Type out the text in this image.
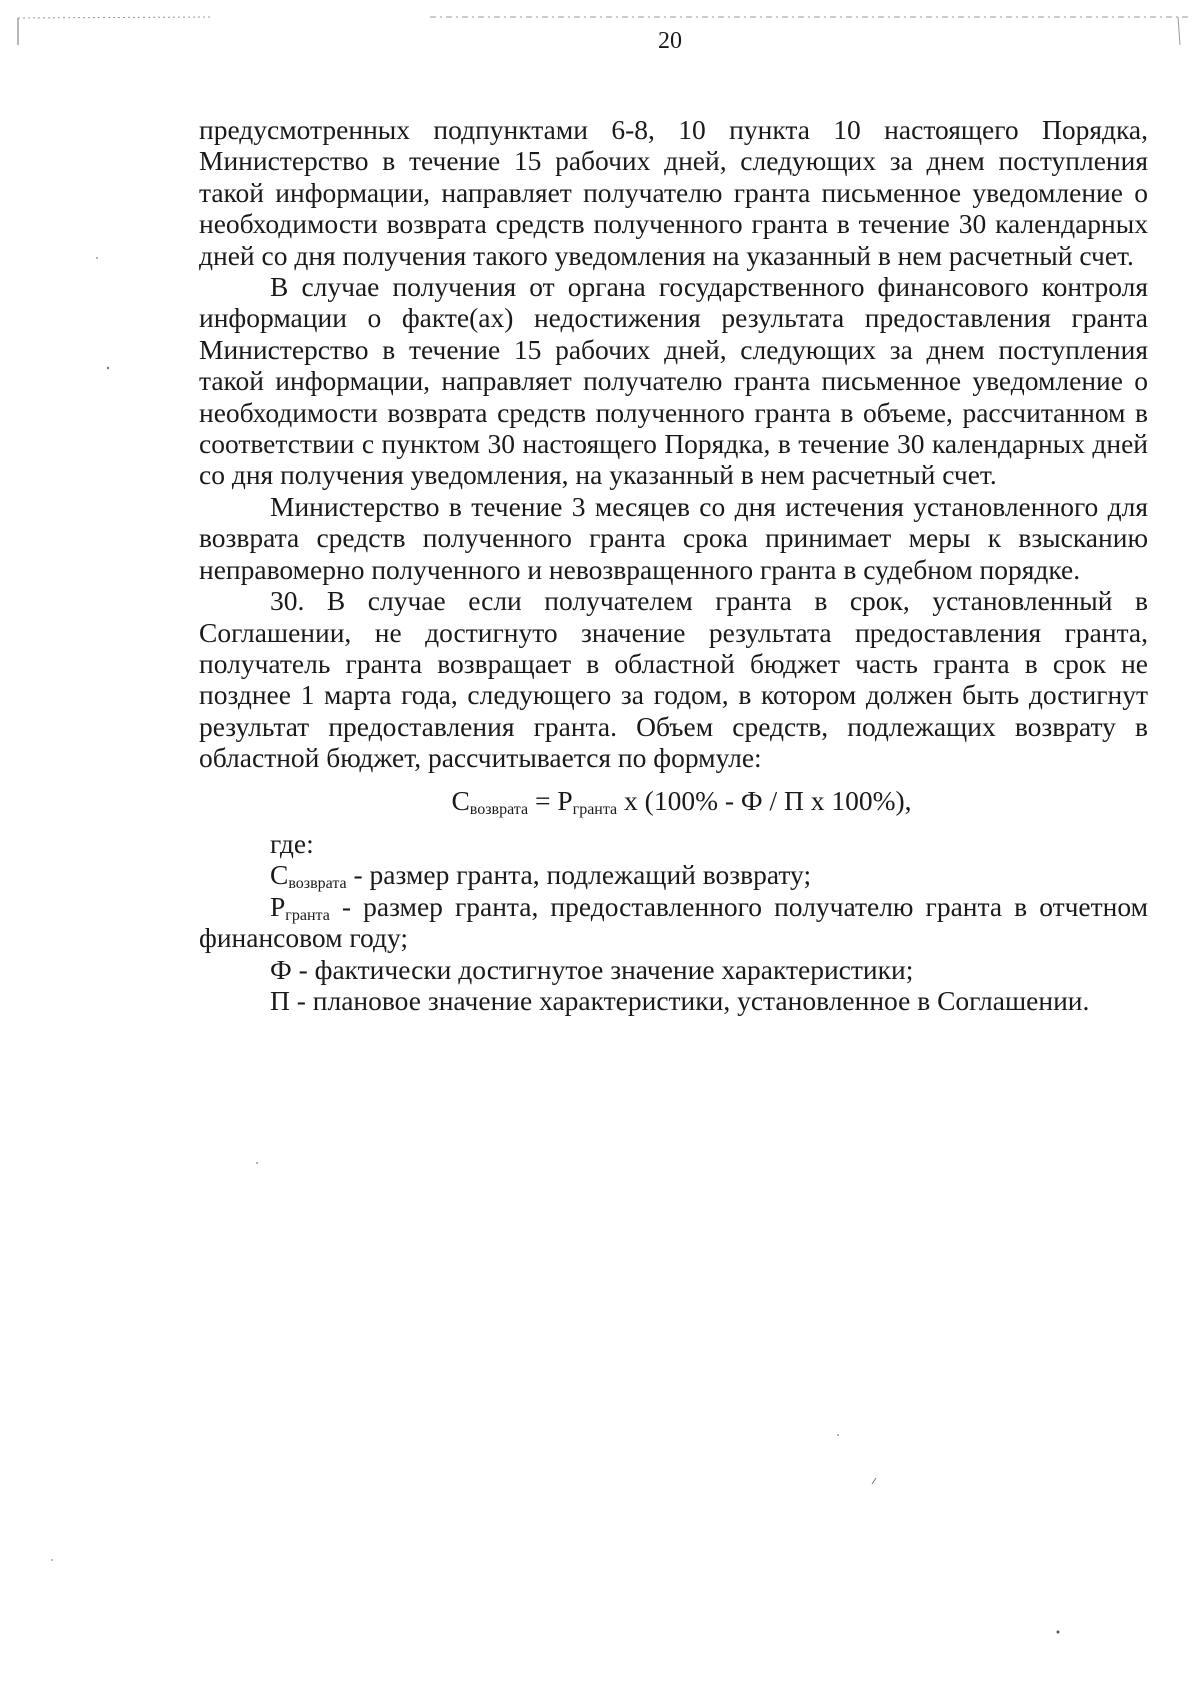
20

предусмотренных подпунктами 6-8, 10 пункта 10 настоящего Порядка, Министерство в течение 15 рабочих дней, следующих за днем поступления такой информации, направляет получателю гранта письменное уведомление о необходимости возврата средств полученного гранта в течение 30 календарных дней со дня получения такого уведомления на указанный в нем расчетный счет.

В случае получения от органа государственного финансового контроля информации о факте(ах) недостижения результата предоставления гранта Министерство в течение 15 рабочих дней, следующих за днем поступления такой информации, направляет получателю гранта письменное уведомление о необходимости возврата средств полученного гранта в объеме, рассчитанном в соответствии с пунктом 30 настоящего Порядка, в течение 30 календарных дней со дня получения уведомления, на указанный в нем расчетный счет.

Министерство в течение 3 месяцев со дня истечения установленного для возврата средств полученного гранта срока принимает меры к взысканию неправомерно полученного и невозвращенного гранта в судебном порядке.

30. В случае если получателем гранта в срок, установленный в Соглашении, не достигнуто значение результата предоставления гранта, получатель гранта возвращает в областной бюджет часть гранта в срок не позднее 1 марта года, следующего за годом, в котором должен быть достигнут результат предоставления гранта. Объем средств, подлежащих возврату в областной бюджет, рассчитывается по формуле:

$С_{возврата} = Р_{гранта}$ х (100% - Ф / П х 100%),
где:
$С_{возврата}$ - размер гранта, подлежащий возврату;
$Р_{гранта}$ - размер гранта, предоставленного получателю гранта в отчетном финансовом году;
Ф - фактически достигнутое значение характеристики;
П - плановое значение характеристики, установленное в Соглашении.
